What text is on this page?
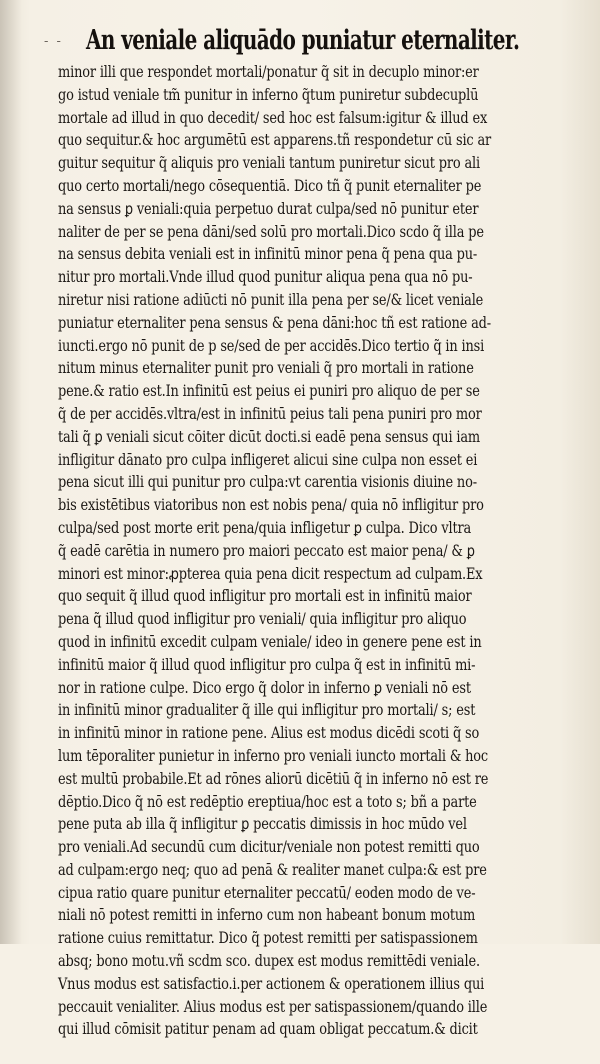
- - An veniale aliquādo puniatur eternaliter.
minor illi que respondet mortali/ponatur q̃ sit in decuplo minor:er
go istud veniale tm̃ punitur in inferno q̃tum puniretur subdecuplū
mortale ad illud in quo decedit/ sed hoc est falsum:igitur & illud ex
quo sequitur.& hoc argumētū est apparens.tñ respondetur cū sic ar
guitur sequitur q̃ aliquis pro veniali tantum puniretur sicut pro ali
quo certo mortali/nego cōsequentiā. Dico tñ q̃ punit eternaliter pe
na sensus ꝑ veniali:quia perpetuo durat culpa/sed nō punitur eter
naliter de per se pena dāni/sed solū pro mortali.Dico scdo q̃ illa pe
na sensus debita veniali est in infinitū minor pena q̃ pena qua pu-
nitur pro mortali.Vnde illud quod punitur aliqua pena qua nō pu-
niretur nisi ratione adiūcti nō punit illa pena per se/& licet veniale
puniatur eternaliter pena sensus & pena dāni:hoc tñ est ratione ad-
iuncti.ergo nō punit de p se/sed de per accidēs.Dico tertio q̃ in insi
nitum minus eternaliter punit pro veniali q̃ pro mortali in ratione
pene.& ratio est.In infinitū est peius ei puniri pro aliquo de per se
q̃ de per accidēs.vltra/est in infinitū peius tali pena puniri pro mor
tali q̃ ꝑ veniali sicut cōiter dicūt docti.si eadē pena sensus qui iam
infligitur dānato pro culpa infligeret alicui sine culpa non esset ei
pena sicut illi qui punitur pro culpa:vt carentia visionis diuine no-
bis existētibus viatoribus non est nobis pena/ quia nō infligitur pro
culpa/sed post morte erit pena/quia infligetur ꝑ culpa. Dico vltra
q̃ eadē carētia in numero pro maiori peccato est maior pena/ & ꝑ
minori est minor:ꝓpterea quia pena dicit respectum ad culpam.Ex
quo sequit q̃ illud quod infligitur pro mortali est in infinitū maior
pena q̃ illud quod infligitur pro veniali/ quia infligitur pro aliquo
quod in infinitū excedit culpam veniale/ ideo in genere pene est in
infinitū maior q̃ illud quod infligitur pro culpa q̃ est in infinitū mi-
nor in ratione culpe. Dico ergo q̃ dolor in inferno ꝑ veniali nō est
in infinitū minor gradualiter q̃ ille qui infligitur pro mortali/ s; est
in infinitū minor in ratione pene. Alius est modus dicēdi scoti q̃ so
lum tēporaliter punietur in inferno pro veniali iuncto mortali & hoc
est multū probabile.Et ad rōnes aliorū dicētiū q̃ in inferno nō est re
dēptio.Dico q̃ nō est redēptio ereptiua/hoc est a toto s; bñ a parte
pene puta ab illa q̃ infligitur ꝑ peccatis dimissis in hoc mūdo vel
pro veniali.Ad secundū cum dicitur/veniale non potest remitti quo
ad culpam:ergo neq; quo ad penā & realiter manet culpa:& est pre
cipua ratio quare punitur eternaliter peccatū/ eoden modo de ve-
niali nō potest remitti in inferno cum non habeant bonum motum
ratione cuius remittatur. Dico q̃ potest remitti per satispassionem
absq; bono motu.vñ scdm sco. dupex est modus remittēdi veniale.
Vnus modus est satisfactio.i.per actionem & operationem illius qui
peccauit venialiter. Alius modus est per satispassionem/quando ille
qui illud cōmisit patitur penam ad quam obligat peccatum.& dicit
